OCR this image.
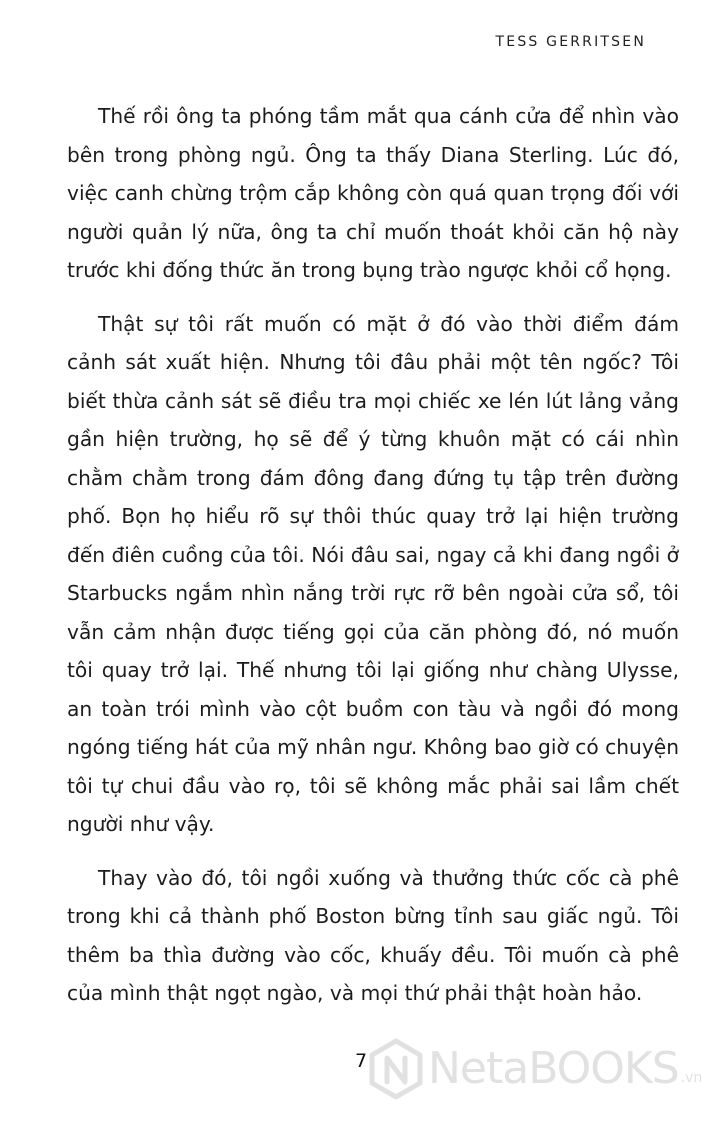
TESS GERRITSEN

Thế rồi ông ta phóng tầm mắt qua cánh cửa để nhìn vào bên trong phòng ngủ. Ông ta thấy Diana Sterling. Lúc đó, việc canh chừng trộm cắp không còn quá quan trọng đối với người quản lý nữa, ông ta chỉ muốn thoát khỏi căn hộ này trước khi đống thức ăn trong bụng trào ngược khỏi cổ họng.

Thật sự tôi rất muốn có mặt ở đó vào thời điểm đám cảnh sát xuất hiện. Nhưng tôi đâu phải một tên ngốc? Tôi biết thừa cảnh sát sẽ điều tra mọi chiếc xe lén lút lảng vảng gần hiện trường, họ sẽ để ý từng khuôn mặt có cái nhìn chằm chằm trong đám đông đang đứng tụ tập trên đường phố. Bọn họ hiểu rõ sự thôi thúc quay trở lại hiện trường đến điên cuồng của tôi. Nói đâu sai, ngay cả khi đang ngồi ở Starbucks ngắm nhìn nắng trời rực rỡ bên ngoài cửa sổ, tôi vẫn cảm nhận được tiếng gọi của căn phòng đó, nó muốn tôi quay trở lại. Thế nhưng tôi lại giống như chàng Ulysse, an toàn trói mình vào cột buồm con tàu và ngồi đó mong ngóng tiếng hát của mỹ nhân ngư. Không bao giờ có chuyện tôi tự chui đầu vào rọ, tôi sẽ không mắc phải sai lầm chết người như vậy.

Thay vào đó, tôi ngồi xuống và thưởng thức cốc cà phê trong khi cả thành phố Boston bừng tỉnh sau giấc ngủ. Tôi thêm ba thìa đường vào cốc, khuấy đều. Tôi muốn cà phê của mình thật ngọt ngào, và mọi thứ phải thật hoàn hảo.

7 NetaBOOKS .vn
